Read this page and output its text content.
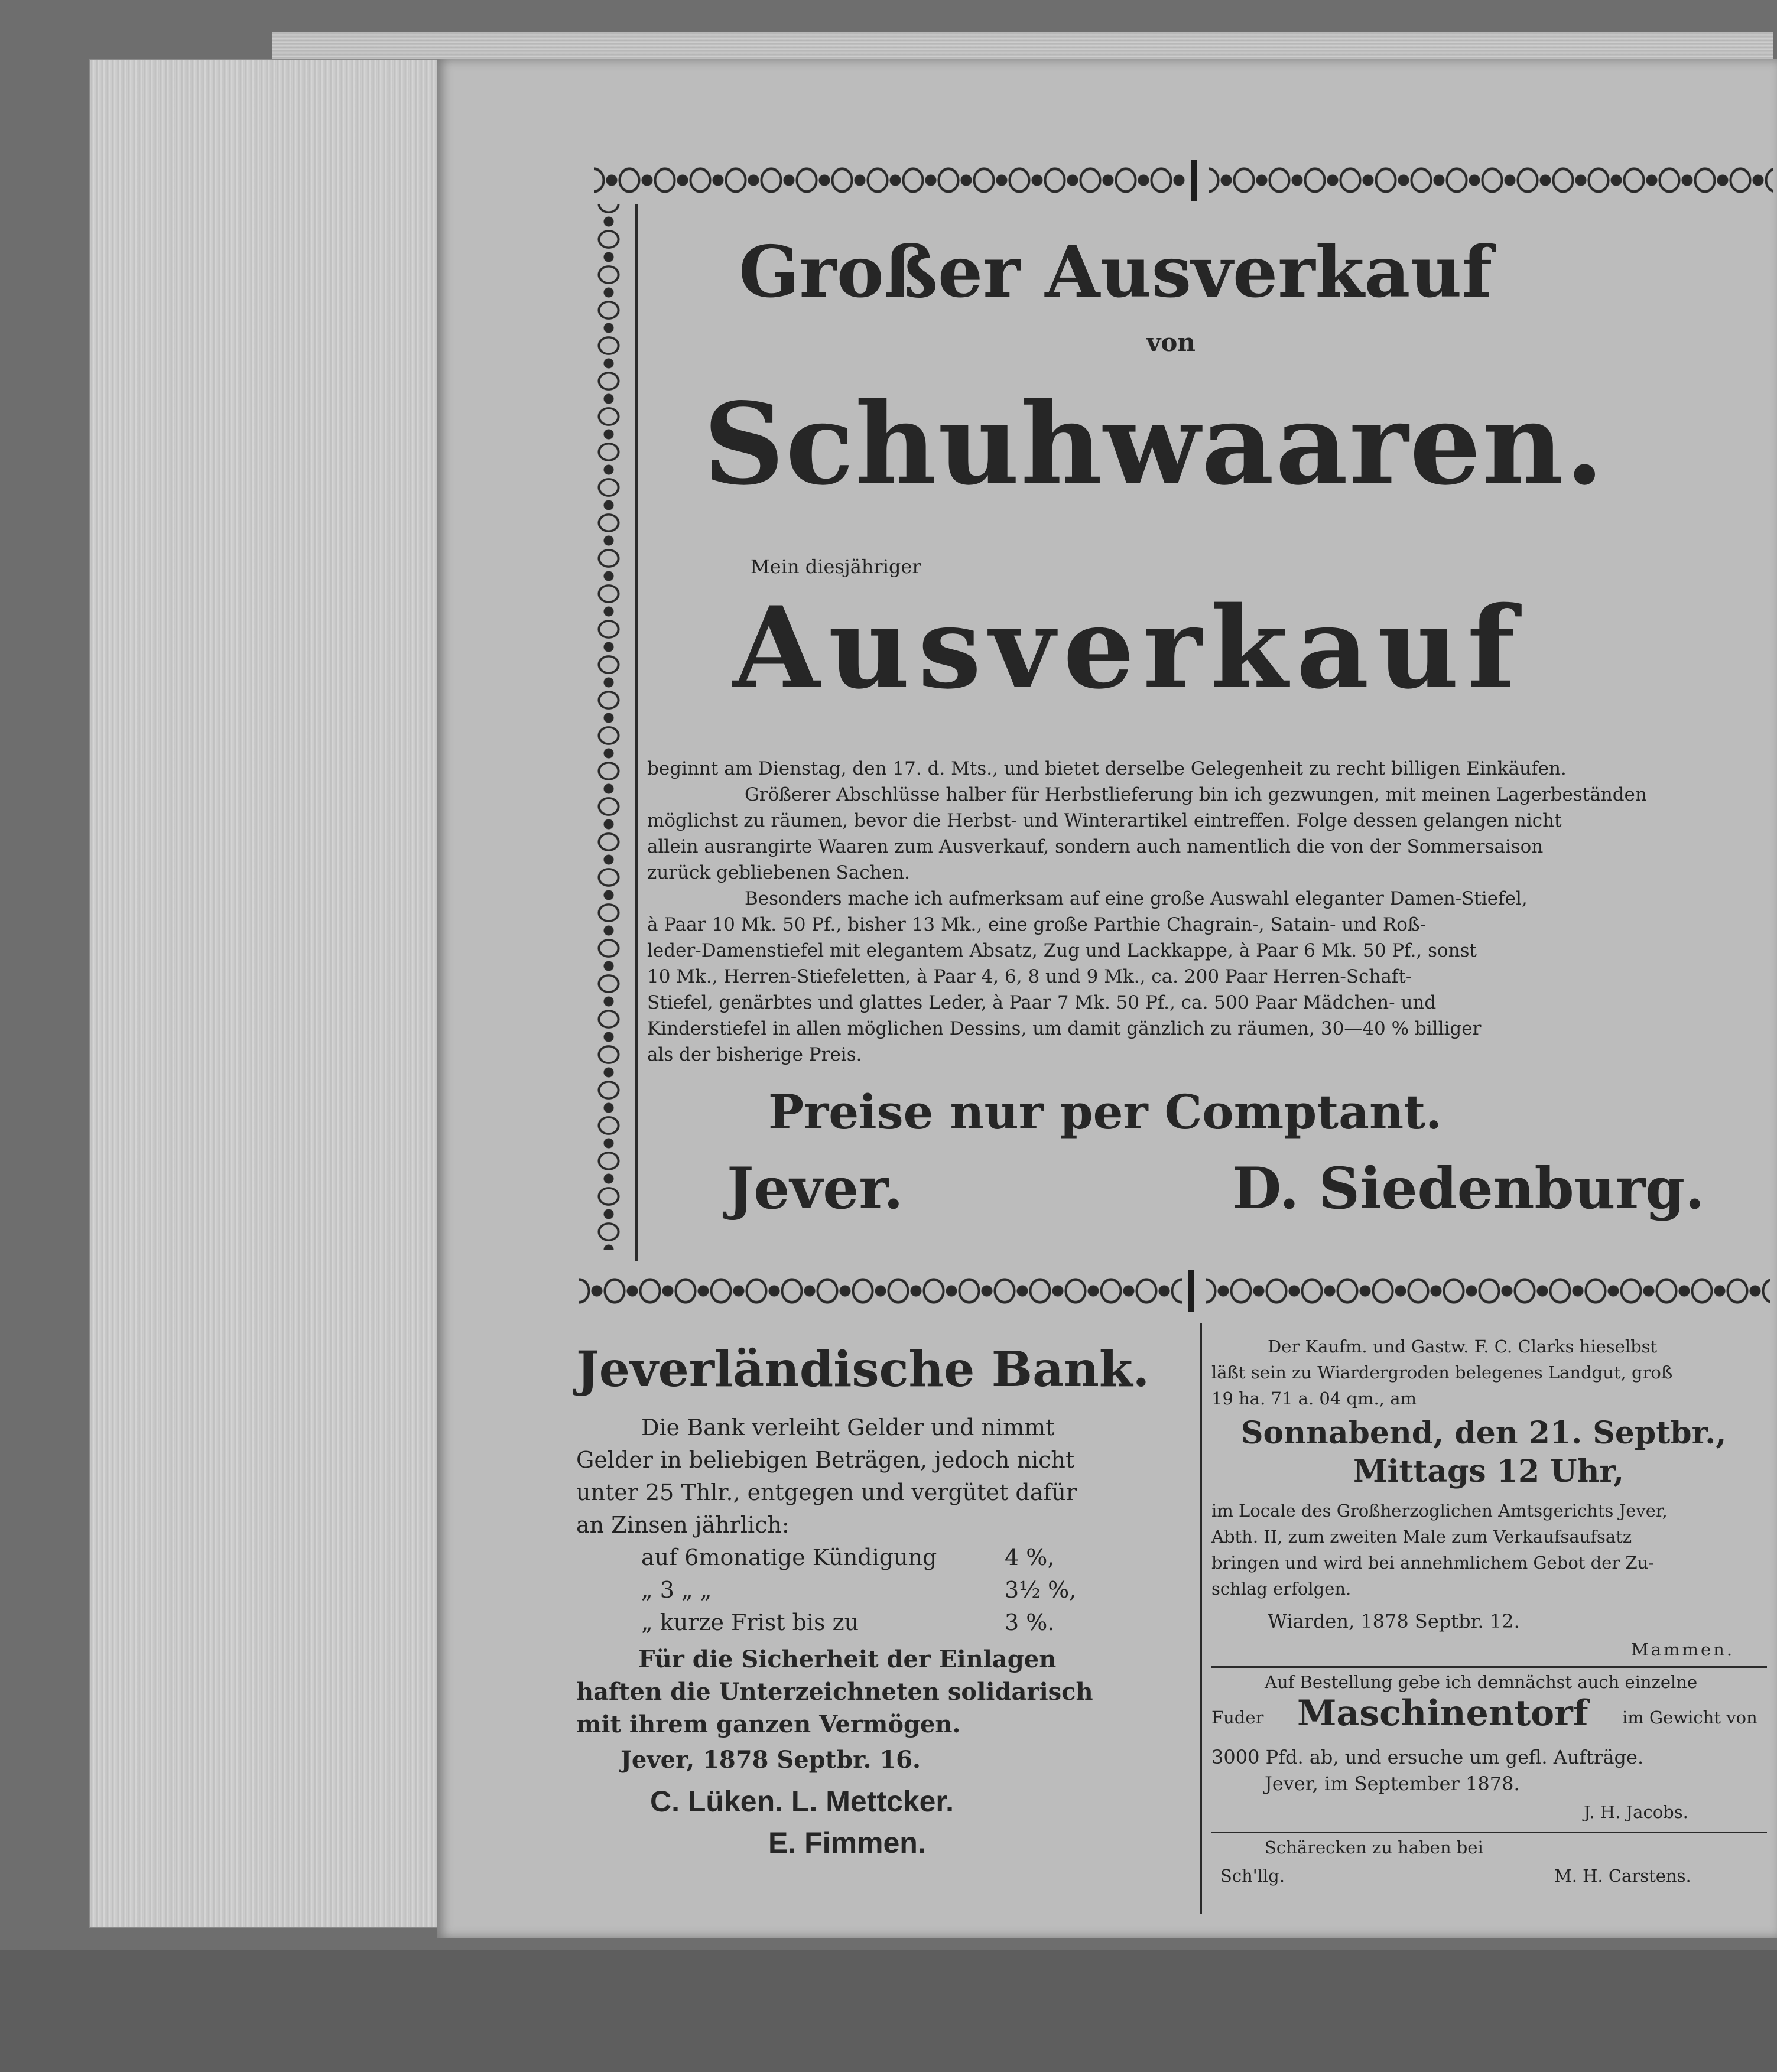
Großer Ausverkauf
von
Schuhwaaren.
Mein diesjähriger
Ausverkauf
beginnt am Dienstag, den 17. d. Mts., und bietet derselbe Gelegenheit zu recht billigen Einkäufen.
Größerer Abschlüsse halber für Herbstlieferung bin ich gezwungen, mit meinen Lagerbeständen
möglichst zu räumen, bevor die Herbst- und Winterartikel eintreffen. Folge dessen gelangen nicht
allein ausrangirte Waaren zum Ausverkauf, sondern auch namentlich die von der Sommersaison
zurück gebliebenen Sachen.
Besonders mache ich aufmerksam auf eine große Auswahl eleganter Damen-Stiefel,
à Paar 10 Mk. 50 Pf., bisher 13 Mk., eine große Parthie Chagrain-, Satain- und Roß-
leder-Damenstiefel mit elegantem Absatz, Zug und Lackkappe, à Paar 6 Mk. 50 Pf., sonst
10 Mk., Herren-Stiefeletten, à Paar 4, 6, 8 und 9 Mk., ca. 200 Paar Herren-Schaft-
Stiefel, genärbtes und glattes Leder, à Paar 7 Mk. 50 Pf., ca. 500 Paar Mädchen- und
Kinderstiefel in allen möglichen Dessins, um damit gänzlich zu räumen, 30—40 % billiger
als der bisherige Preis.
Preise nur per Comptant.
Jever.	D. Siedenburg.
Jeverländische Bank.
Die Bank verleiht Gelder und nimmt
Gelder in beliebigen Beträgen, jedoch nicht
unter 25 Thlr., entgegen und vergütet dafür
an Zinsen jährlich:
auf 6monatige Kündigung	4 %,
„ 3 „ „	3½ %,
„ kurze Frist bis zu	3 %.
Für die Sicherheit der Einlagen
haften die Unterzeichneten solidarisch
mit ihrem ganzen Vermögen.
Jever, 1878 Septbr. 16.
C. Lüken. L. Mettcker.
E. Fimmen.
Der Kaufm. und Gastw. F. C. Clarks hieselbst
läßt sein zu Wiardergroden belegenes Landgut, groß
19 ha. 71 a. 04 qm., am
Sonnabend, den 21. Septbr.,
Mittags 12 Uhr,
im Locale des Großherzoglichen Amtsgerichts Jever,
Abth. II, zum zweiten Male zum Verkaufsaufsatz
bringen und wird bei annehmlichem Gebot der Zu-
schlag erfolgen.
Wiarden, 1878 Septbr. 12.
Mammen.
Auf Bestellung gebe ich demnächst auch einzelne
Fuder Maschinentorf im Gewicht von
3000 Pfd. ab, und ersuche um gefl. Aufträge.
Jever, im September 1878.
J. H. Jacobs.
Schärecken zu haben bei
Sch'llg.	M. H. Carstens.
